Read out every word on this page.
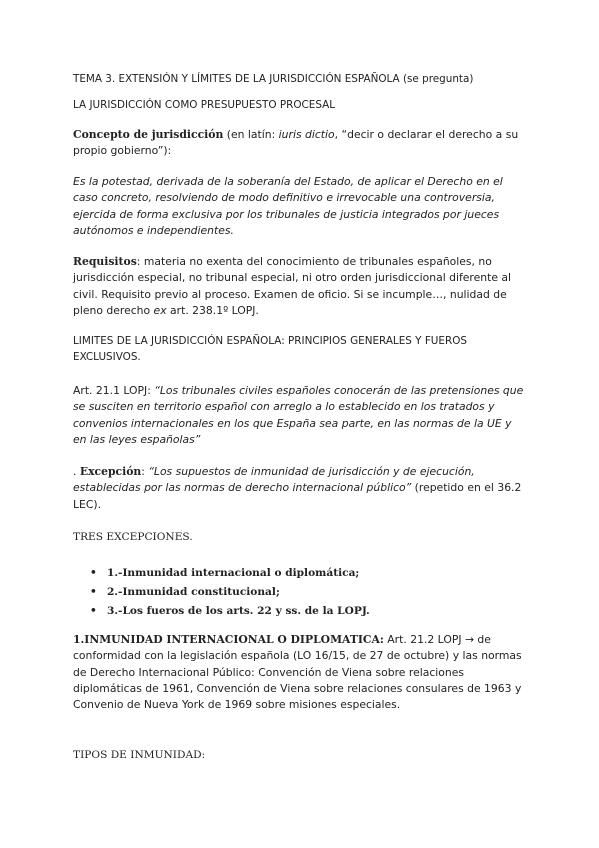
TEMA 3. EXTENSIÓN Y LÍMITES DE LA JURISDICCIÓN ESPAÑOLA (se pregunta)

LA JURISDICCIÓN COMO PRESUPUESTO PROCESAL

Concepto de jurisdicción (en latín: iuris dictio, “decir o declarar el derecho a su propio gobierno”):

Es la potestad, derivada de la soberanía del Estado, de aplicar el Derecho en el caso concreto, resolviendo de modo definitivo e irrevocable una controversia, ejercida de forma exclusiva por los tribunales de justicia integrados por jueces autónomos e independientes.

Requisitos: materia no exenta del conocimiento de tribunales españoles, no jurisdicción especial, no tribunal especial, ni otro orden jurisdiccional diferente al civil. Requisito previo al proceso. Examen de oficio. Si se incumple…, nulidad de pleno derecho ex art. 238.1º LOPJ.

LIMITES DE LA JURISDICCIÓN ESPAÑOLA: PRINCIPIOS GENERALES Y FUEROS EXCLUSIVOS.

Art. 21.1 LOPJ: “Los tribunales civiles españoles conocerán de las pretensiones que se susciten en territorio español con arreglo a lo establecido en los tratados y convenios internacionales en los que España sea parte, en las normas de la UE y en las leyes españolas”

. Excepción: “Los supuestos de inmunidad de jurisdicción y de ejecución, establecidas por las normas de derecho internacional público” (repetido en el 36.2 LEC).

TRES EXCEPCIONES.

• 1.-Inmunidad internacional o diplomática;
• 2.-Inmunidad constitucional;
• 3.-Los fueros de los arts. 22 y ss. de la LOPJ.

1.INMUNIDAD INTERNACIONAL O DIPLOMATICA: Art. 21.2 LOPJ → de conformidad con la legislación española (LO 16/15, de 27 de octubre) y las normas de Derecho Internacional Público: Convención de Viena sobre relaciones diplomáticas de 1961, Convención de Viena sobre relaciones consulares de 1963 y Convenio de Nueva York de 1969 sobre misiones especiales.

TIPOS DE INMUNIDAD:
